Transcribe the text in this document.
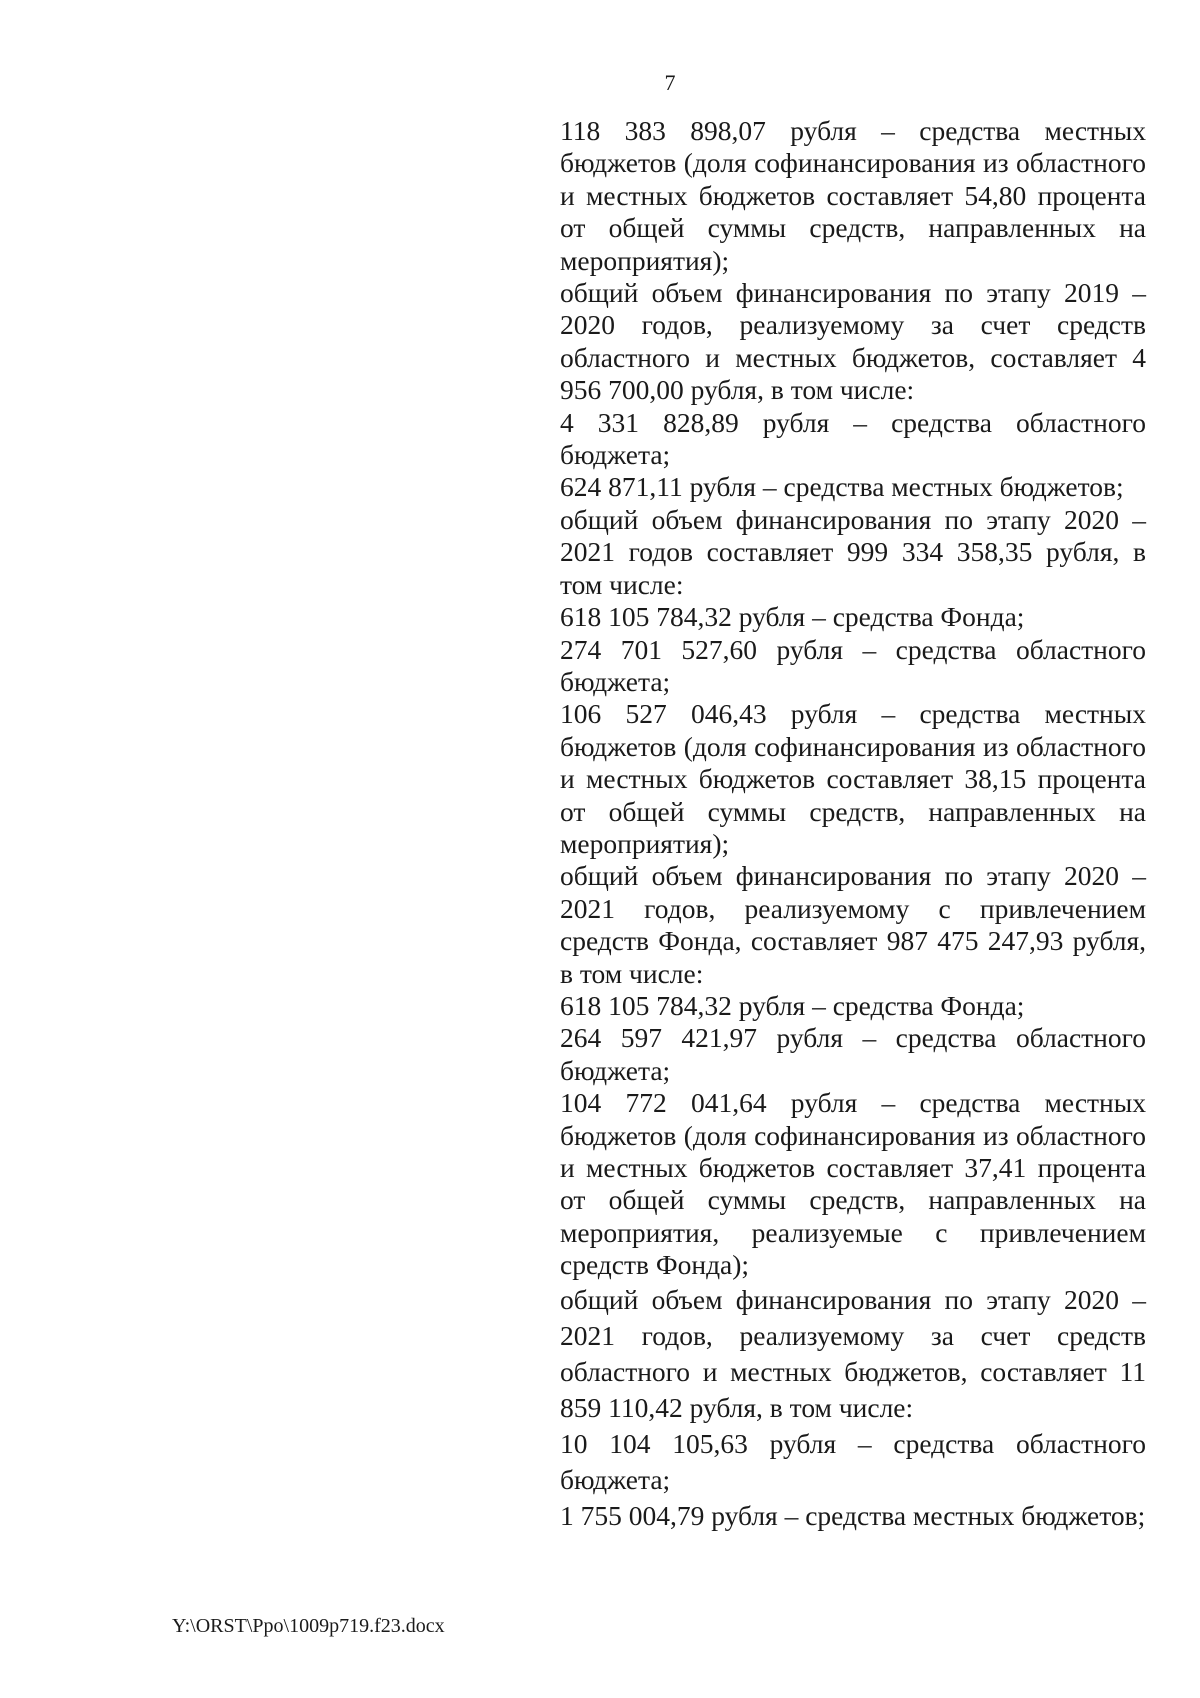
7

118 383 898,07 рубля – средства местных бюджетов (доля софинансирования из областного и местных бюджетов составляет 54,80 процента от общей суммы средств, направленных на мероприятия);

общий объем финансирования по этапу 2019 – 2020 годов, реализуемому за счет средств областного и местных бюджетов, составляет 4 956 700,00 рубля, в том числе:

4 331 828,89 рубля – средства областного бюджета;

624 871,11 рубля – средства местных бюджетов;

общий объем финансирования по этапу 2020 – 2021 годов составляет 999 334 358,35 рубля, в том числе:

618 105 784,32 рубля – средства Фонда;

274 701 527,60 рубля – средства областного бюджета;

106 527 046,43 рубля – средства местных бюджетов (доля софинансирования из областного и местных бюджетов составляет 38,15 процента от общей суммы средств, направленных на мероприятия);

общий объем финансирования по этапу 2020 – 2021 годов, реализуемому с привлечением средств Фонда, составляет 987 475 247,93 рубля, в том числе:

618 105 784,32 рубля – средства Фонда;

264 597 421,97 рубля – средства областного бюджета;

104 772 041,64 рубля – средства местных бюджетов (доля софинансирования из областного и местных бюджетов составляет 37,41 процента от общей суммы средств, направленных на мероприятия, реализуемые с привлечением средств Фонда);

общий объем финансирования по этапу 2020 – 2021 годов, реализуемому за счет средств областного и местных бюджетов, составляет 11 859 110,42 рубля, в том числе:

10 104 105,63 рубля – средства областного бюджета;

1 755 004,79 рубля – средства местных бюджетов;

Y:\ORST\Ppo\1009p719.f23.docx
